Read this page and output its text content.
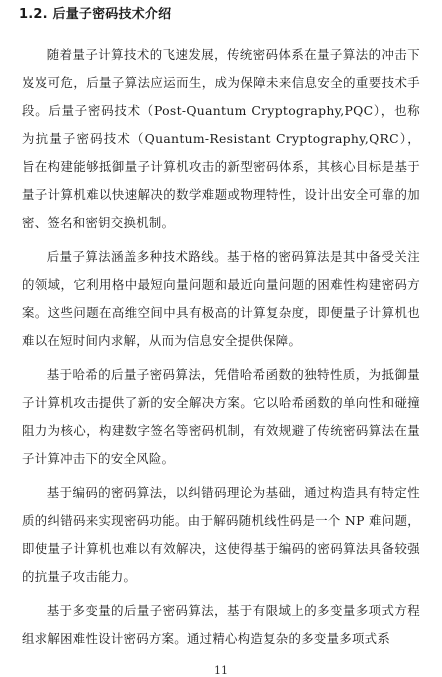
1.2. 后量子密码技术介绍

随着量子计算技术的飞速发展，传统密码体系在量子算法的冲击下岌岌可危，后量子算法应运而生，成为保障未来信息安全的重要技术手段。后量子密码技术（Post-Quantum Cryptography,PQC），也称为抗量子密码技术（Quantum-Resistant Cryptography,QRC），旨在构建能够抵御量子计算机攻击的新型密码体系，其核心目标是基于量子计算机难以快速解决的数学难题或物理特性，设计出安全可靠的加密、签名和密钥交换机制。

后量子算法涵盖多种技术路线。基于格的密码算法是其中备受关注的领域，它利用格中最短向量问题和最近向量问题的困难性构建密码方案。这些问题在高维空间中具有极高的计算复杂度，即便量子计算机也难以在短时间内求解，从而为信息安全提供保障。

基于哈希的后量子密码算法，凭借哈希函数的独特性质，为抵御量子计算机攻击提供了新的安全解决方案。它以哈希函数的单向性和碰撞阻力为核心，构建数字签名等密码机制，有效规避了传统密码算法在量子计算冲击下的安全风险。

基于编码的密码算法，以纠错码理论为基础，通过构造具有特定性质的纠错码来实现密码功能。由于解码随机线性码是一个 NP 难问题，即使量子计算机也难以有效解决，这使得基于编码的密码算法具备较强的抗量子攻击能力。

基于多变量的后量子密码算法，基于有限域上的多变量多项式方程组求解困难性设计密码方案。通过精心构造复杂的多变量多项式系

11
